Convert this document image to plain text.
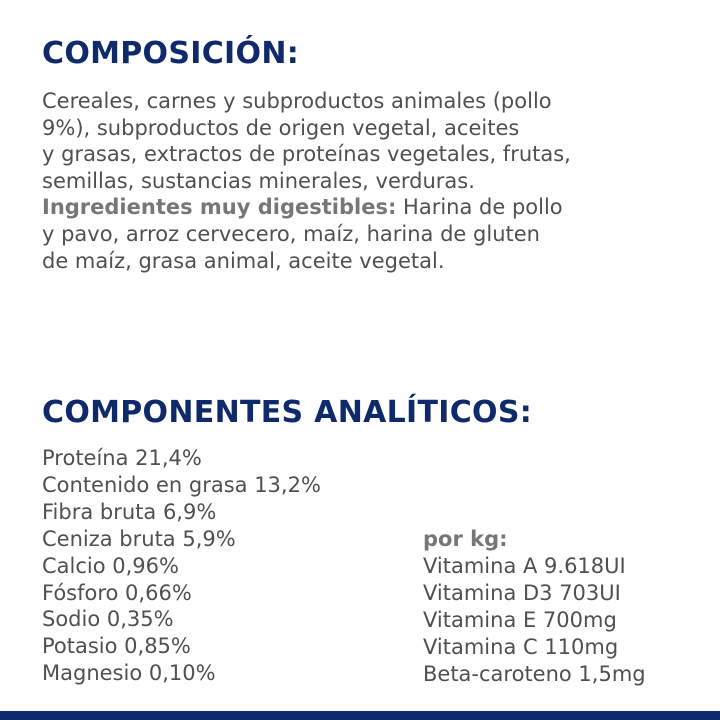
COMPOSICIÓN:

Cereales, carnes y subproductos animales (pollo
9%), subproductos de origen vegetal, aceites
y grasas, extractos de proteínas vegetales, frutas,
semillas, sustancias minerales, verduras.
Ingredientes muy digestibles: Harina de pollo
y pavo, arroz cervecero, maíz, harina de gluten
de maíz, grasa animal, aceite vegetal.

COMPONENTES ANALÍTICOS:
Proteína 21,4%
Contenido en grasa 13,2%
Fibra bruta 6,9%
Ceniza bruta 5,9%
Calcio 0,96%
Fósforo 0,66%
Sodio 0,35%
Potasio 0,85%
Magnesio 0,10%
por kg:
Vitamina A 9.618UI
Vitamina D3 703UI
Vitamina E 700mg
Vitamina C 110mg
Beta-caroteno 1,5mg
